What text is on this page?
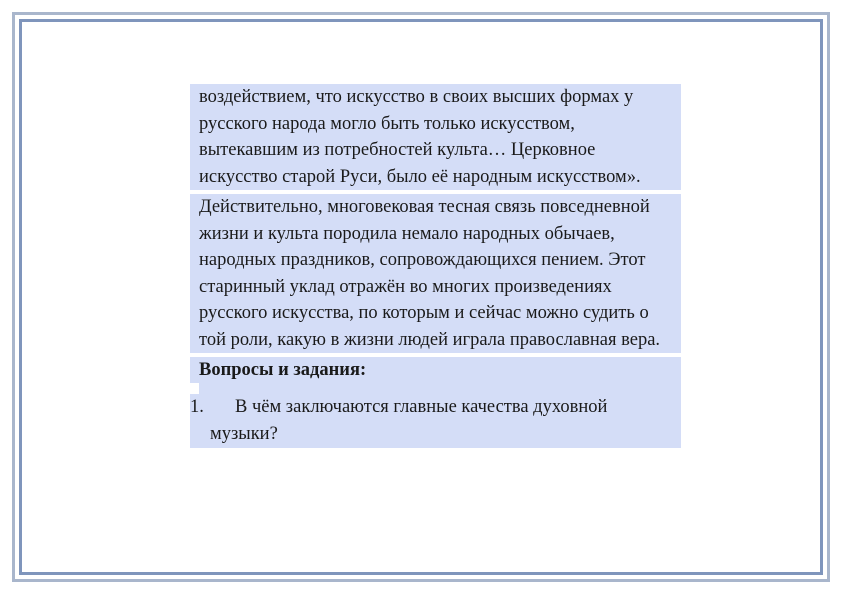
воздействием, что искусство в своих высших формах у русского народа могло быть только искусством, вытекавшим из потребностей культа… Церковное искусство старой Руси, было её народным искусством».

Действительно, многовековая тесная связь повседневной жизни и культа породила немало народных обычаев, народных праздников, сопровождающихся пением. Этот старинный уклад отражён во многих произведениях русского искусства, по которым и сейчас можно судить о той роли, какую в жизни людей играла православная вера.

Вопросы и задания:
1.	В чём заключаются главные качества духовной музыки?
